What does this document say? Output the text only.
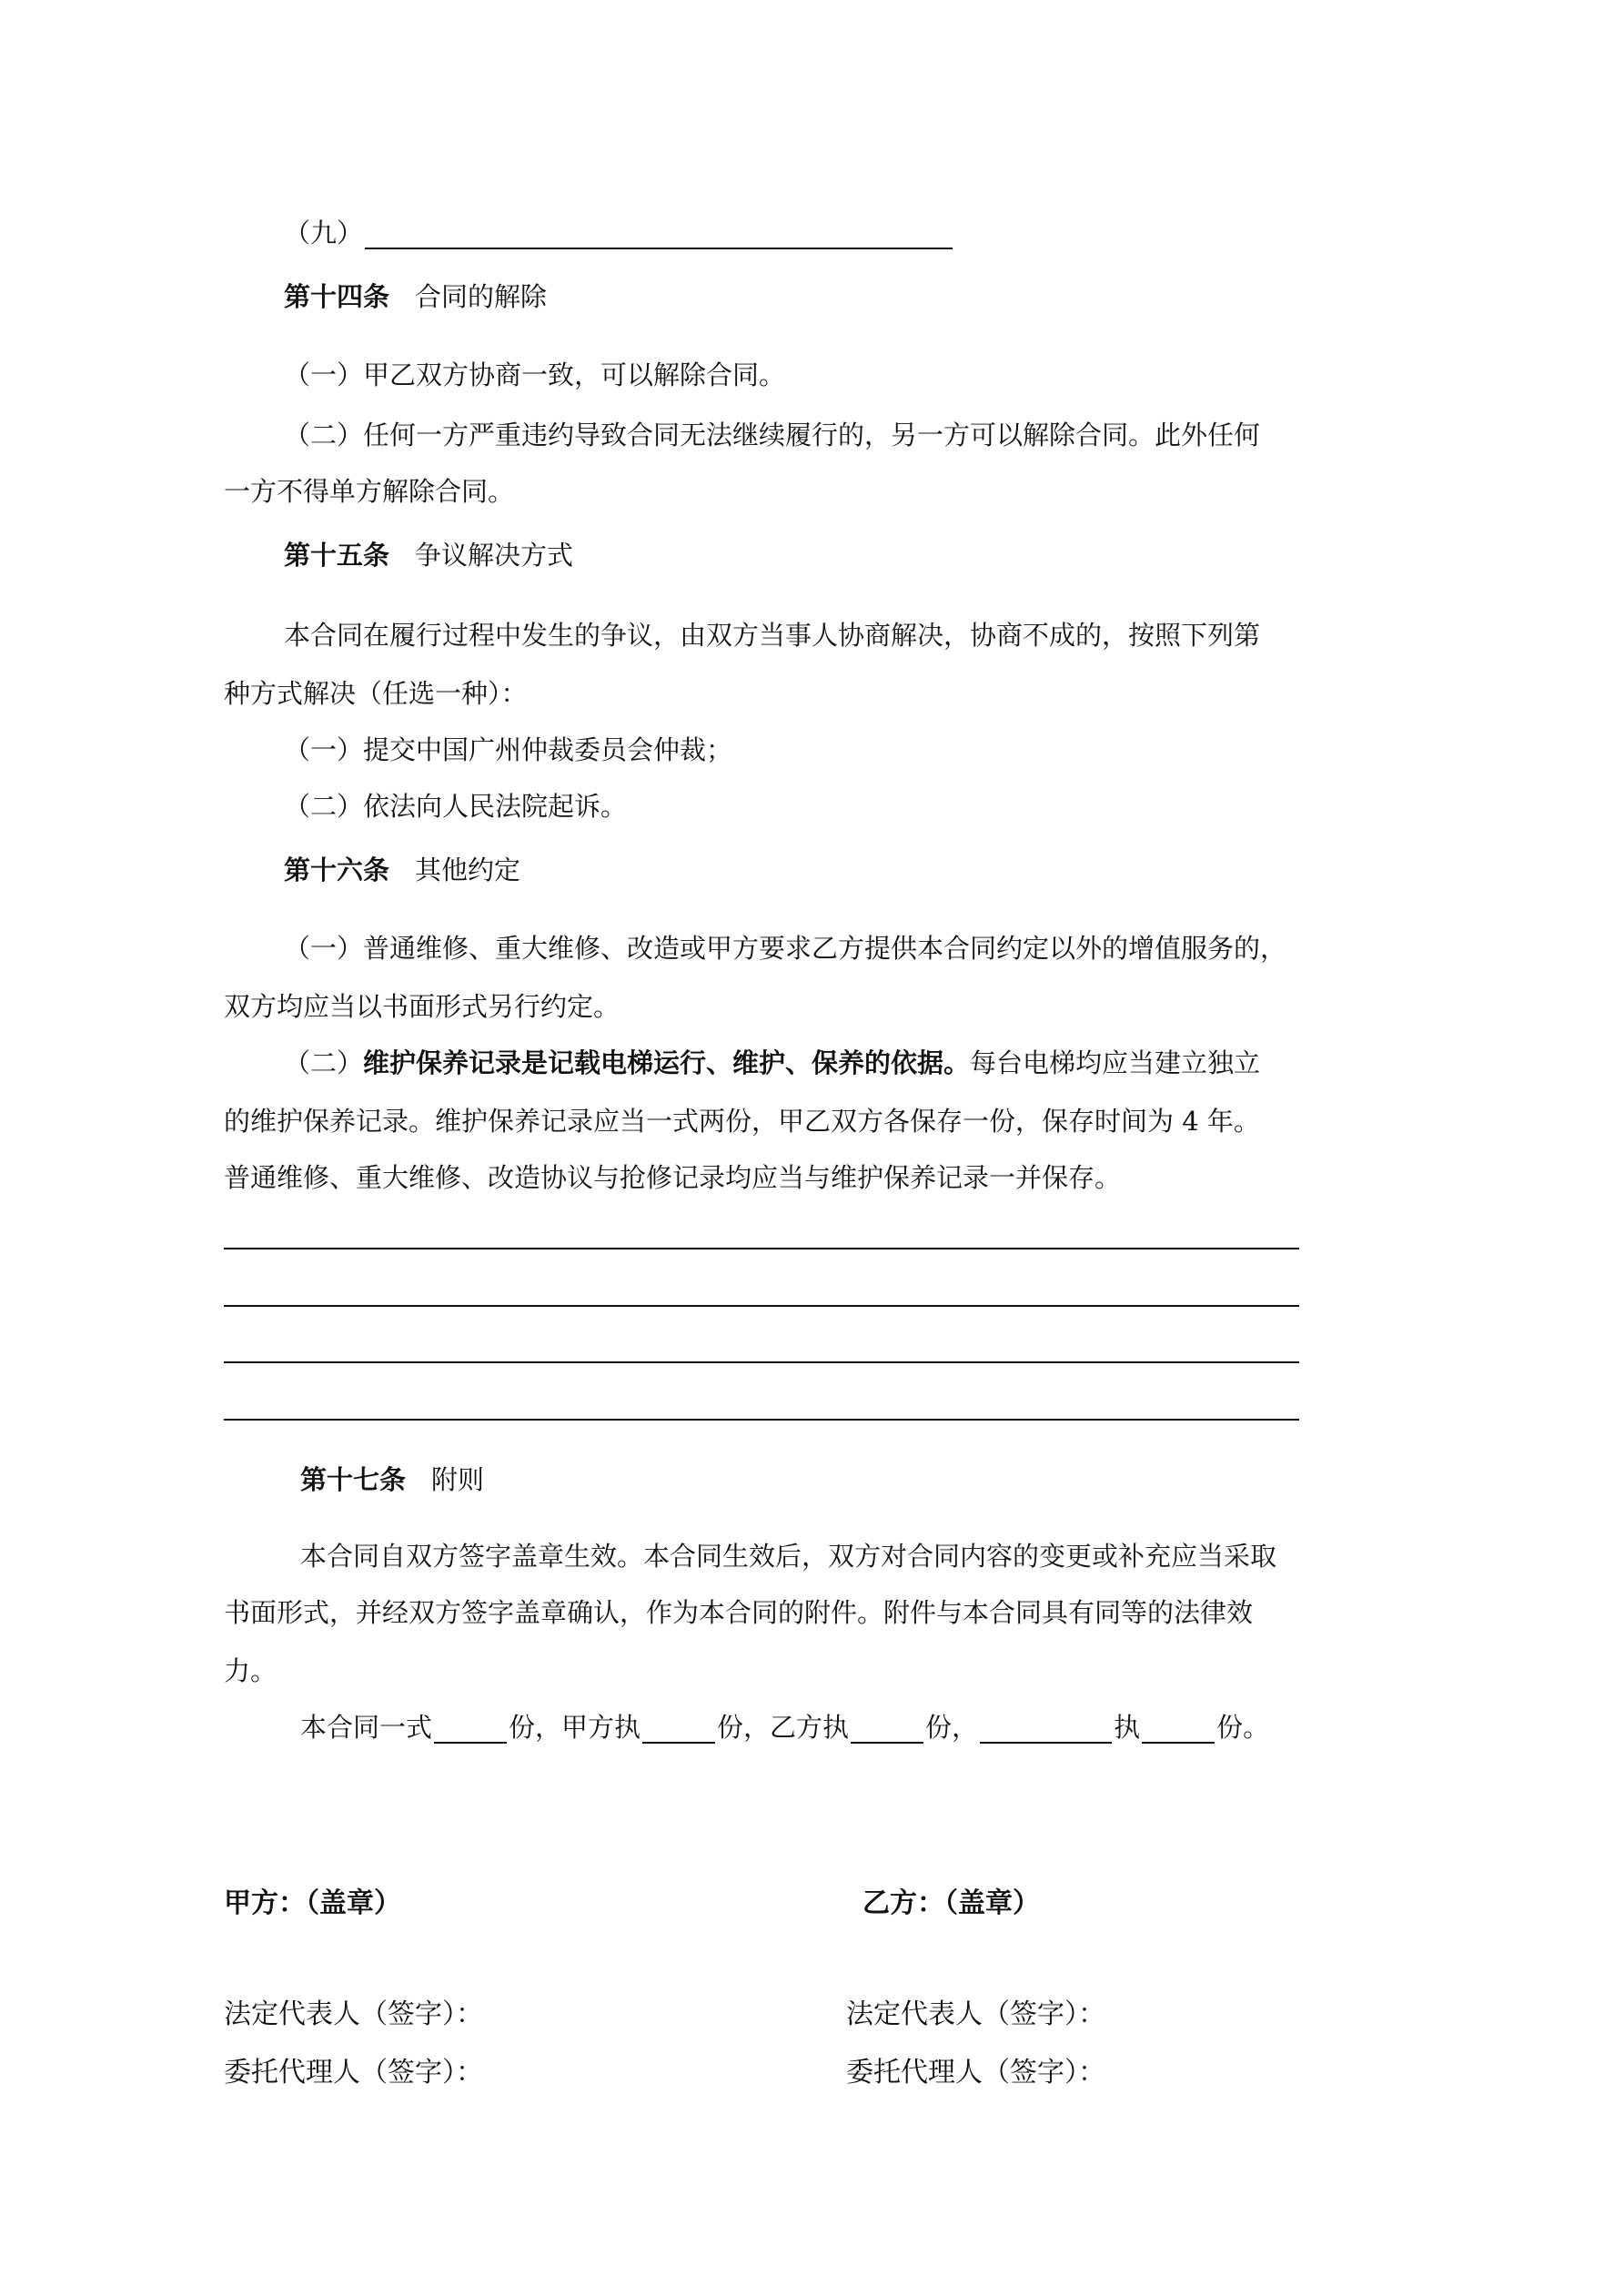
（九）
第十四条 合同的解除
（一）甲乙双方协商一致，可以解除合同。
（二）任何一方严重违约导致合同无法继续履行的，另一方可以解除合同。此外任何
一方不得单方解除合同。
第十五条 争议解决方式
本合同在履行过程中发生的争议，由双方当事人协商解决，协商不成的，按照下列第
种方式解决（任选一种）：
（一）提交中国广州仲裁委员会仲裁；
（二）依法向人民法院起诉。
第十六条 其他约定
（一）普通维修、重大维修、改造或甲方要求乙方提供本合同约定以外的增值服务的，
双方均应当以书面形式另行约定。
（二）维护保养记录是记载电梯运行、维护、保养的依据。每台电梯均应当建立独立
的维护保养记录。维护保养记录应当一式两份，甲乙双方各保存一份，保存时间为 4 年。
普通维修、重大维修、改造协议与抢修记录均应当与维护保养记录一并保存。
第十七条 附则
本合同自双方签字盖章生效。本合同生效后，双方对合同内容的变更或补充应当采取
书面形式，并经双方签字盖章确认，作为本合同的附件。附件与本合同具有同等的法律效
力。
本合同一式	份，甲方执	份，乙方执	份，	执	份。
甲方：（盖章）	乙方：（盖章）
法定代表人（签字）：	法定代表人（签字）：
委托代理人（签字）：	委托代理人（签字）：
